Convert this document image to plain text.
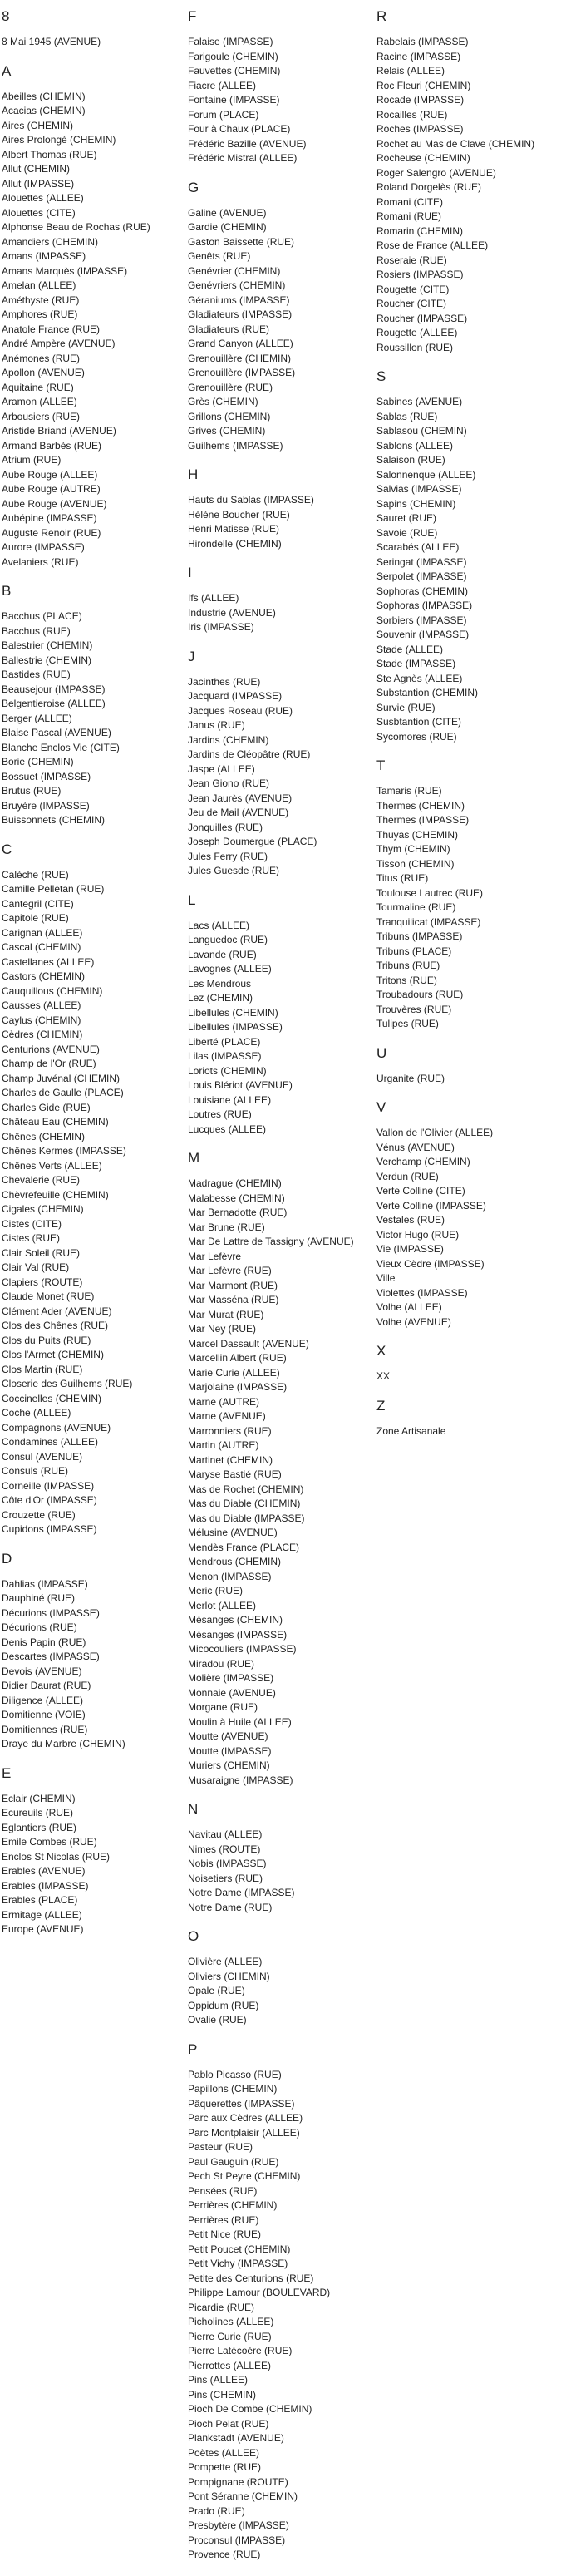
8
8 Mai 1945 (AVENUE)
A
Abeilles (CHEMIN)
Acacias (CHEMIN)
Aires (CHEMIN)
Aires Prolongé (CHEMIN)
Albert Thomas (RUE)
Allut (CHEMIN)
Allut (IMPASSE)
Alouettes (ALLEE)
Alouettes (CITE)
Alphonse Beau de Rochas (RUE)
Amandiers (CHEMIN)
Amans (IMPASSE)
Amans Marquès (IMPASSE)
Amelan (ALLEE)
Améthyste (RUE)
Amphores (RUE)
Anatole France (RUE)
André Ampère (AVENUE)
Anémones (RUE)
Apollon (AVENUE)
Aquitaine (RUE)
Aramon (ALLEE)
Arbousiers (RUE)
Aristide Briand (AVENUE)
Armand Barbès (RUE)
Atrium (RUE)
Aube Rouge (ALLEE)
Aube Rouge (AUTRE)
Aube Rouge (AVENUE)
Aubépine (IMPASSE)
Auguste Renoir (RUE)
Aurore (IMPASSE)
Avelaniers (RUE)
B
Bacchus (PLACE)
Bacchus (RUE)
Balestrier (CHEMIN)
Ballestrie (CHEMIN)
Bastides (RUE)
Beausejour (IMPASSE)
Belgentieroise (ALLEE)
Berger (ALLEE)
Blaise Pascal (AVENUE)
Blanche Enclos Vie (CITE)
Borie (CHEMIN)
Bossuet (IMPASSE)
Brutus (RUE)
Bruyère (IMPASSE)
Buissonnets (CHEMIN)
C
Caléche (RUE)
Camille Pelletan (RUE)
Cantegril (CITE)
Capitole (RUE)
Carignan (ALLEE)
Cascal (CHEMIN)
Castellanes (ALLEE)
Castors (CHEMIN)
Cauquillous (CHEMIN)
Causses (ALLEE)
Caylus (CHEMIN)
Cèdres (CHEMIN)
Centurions (AVENUE)
Champ de l'Or (RUE)
Champ Juvénal (CHEMIN)
Charles de Gaulle (PLACE)
Charles Gide (RUE)
Château Eau (CHEMIN)
Chênes (CHEMIN)
Chênes Kermes (IMPASSE)
Chênes Verts (ALLEE)
Chevalerie (RUE)
Chèvrefeuille (CHEMIN)
Cigales (CHEMIN)
Cistes (CITE)
Cistes (RUE)
Clair Soleil (RUE)
Clair Val (RUE)
Clapiers (ROUTE)
Claude Monet (RUE)
Clément Ader (AVENUE)
Clos des Chênes (RUE)
Clos du Puits (RUE)
Clos l'Armet (CHEMIN)
Clos Martin (RUE)
Closerie des Guilhems (RUE)
Coccinelles (CHEMIN)
Coche (ALLEE)
Compagnons (AVENUE)
Condamines (ALLEE)
Consul (AVENUE)
Consuls (RUE)
Corneille (IMPASSE)
Côte d'Or (IMPASSE)
Crouzette (RUE)
Cupidons (IMPASSE)
D
Dahlias (IMPASSE)
Dauphiné (RUE)
Décurions (IMPASSE)
Décurions (RUE)
Denis Papin (RUE)
Descartes (IMPASSE)
Devois (AVENUE)
Didier Daurat (RUE)
Diligence (ALLEE)
Domitienne (VOIE)
Domitiennes (RUE)
Draye du Marbre (CHEMIN)
E
Eclair (CHEMIN)
Ecureuils (RUE)
Eglantiers (RUE)
Emile Combes (RUE)
Enclos St Nicolas (RUE)
Erables (AVENUE)
Erables (IMPASSE)
Erables (PLACE)
Ermitage (ALLEE)
Europe (AVENUE)
F
Falaise (IMPASSE)
Farigoule (CHEMIN)
Fauvettes (CHEMIN)
Fiacre (ALLEE)
Fontaine (IMPASSE)
Forum (PLACE)
Four à Chaux (PLACE)
Frédéric Bazille (AVENUE)
Frédéric Mistral (ALLEE)
G
Galine (AVENUE)
Gardie (CHEMIN)
Gaston Baissette (RUE)
Genêts (RUE)
Genévrier (CHEMIN)
Genévriers (CHEMIN)
Géraniums (IMPASSE)
Gladiateurs (IMPASSE)
Gladiateurs (RUE)
Grand Canyon (ALLEE)
Grenouillère (CHEMIN)
Grenouillère (IMPASSE)
Grenouillère (RUE)
Grès (CHEMIN)
Grillons (CHEMIN)
Grives (CHEMIN)
Guilhems (IMPASSE)
H
Hauts du Sablas (IMPASSE)
Hélène Boucher (RUE)
Henri Matisse (RUE)
Hirondelle (CHEMIN)
I
Ifs (ALLEE)
Industrie (AVENUE)
Iris (IMPASSE)
J
Jacinthes (RUE)
Jacquard (IMPASSE)
Jacques Roseau (RUE)
Janus (RUE)
Jardins (CHEMIN)
Jardins de Cléopâtre (RUE)
Jaspe (ALLEE)
Jean Giono (RUE)
Jean Jaurès (AVENUE)
Jeu de Mail (AVENUE)
Jonquilles (RUE)
Joseph Doumergue (PLACE)
Jules Ferry (RUE)
Jules Guesde (RUE)
L
Lacs (ALLEE)
Languedoc (RUE)
Lavande (RUE)
Lavognes (ALLEE)
Les Mendrous
Lez (CHEMIN)
Libellules (CHEMIN)
Libellules (IMPASSE)
Liberté (PLACE)
Lilas (IMPASSE)
Loriots (CHEMIN)
Louis Blériot (AVENUE)
Louisiane (ALLEE)
Loutres (RUE)
Lucques (ALLEE)
M
Madrague (CHEMIN)
Malabesse (CHEMIN)
Mar Bernadotte (RUE)
Mar Brune (RUE)
Mar De Lattre de Tassigny (AVENUE)
Mar Lefèvre
Mar Lefèvre (RUE)
Mar Marmont (RUE)
Mar Masséna (RUE)
Mar Murat (RUE)
Mar Ney (RUE)
Marcel Dassault (AVENUE)
Marcellin Albert (RUE)
Marie Curie (ALLEE)
Marjolaine (IMPASSE)
Marne (AUTRE)
Marne (AVENUE)
Marronniers (RUE)
Martin (AUTRE)
Martinet (CHEMIN)
Maryse Bastié (RUE)
Mas de Rochet (CHEMIN)
Mas du Diable (CHEMIN)
Mas du Diable (IMPASSE)
Mélusine (AVENUE)
Mendès France (PLACE)
Mendrous (CHEMIN)
Menon (IMPASSE)
Meric (RUE)
Merlot (ALLEE)
Mésanges (CHEMIN)
Mésanges (IMPASSE)
Micocouliers (IMPASSE)
Miradou (RUE)
Molière (IMPASSE)
Monnaie (AVENUE)
Morgane (RUE)
Moulin à Huile (ALLEE)
Moutte (AVENUE)
Moutte (IMPASSE)
Muriers (CHEMIN)
Musaraigne (IMPASSE)
N
Navitau (ALLEE)
Nimes (ROUTE)
Nobis (IMPASSE)
Noisetiers (RUE)
Notre Dame (IMPASSE)
Notre Dame (RUE)
O
Olivière (ALLEE)
Oliviers (CHEMIN)
Opale (RUE)
Oppidum (RUE)
Ovalie (RUE)
P
Pablo Picasso (RUE)
Papillons (CHEMIN)
Pâquerettes (IMPASSE)
Parc aux Cèdres (ALLEE)
Parc Montplaisir (ALLEE)
Pasteur (RUE)
Paul Gauguin (RUE)
Pech St Peyre (CHEMIN)
Pensées (RUE)
Perrières (CHEMIN)
Perrières (RUE)
Petit Nice (RUE)
Petit Poucet (CHEMIN)
Petit Vichy (IMPASSE)
Petite des Centurions (RUE)
Philippe Lamour (BOULEVARD)
Picardie (RUE)
Picholines (ALLEE)
Pierre Curie (RUE)
Pierre Latécoère (RUE)
Pierrottes (ALLEE)
Pins (ALLEE)
Pins (CHEMIN)
Pioch De Combe (CHEMIN)
Pioch Pelat (RUE)
Plankstadt (AVENUE)
Poètes (ALLEE)
Pompette (RUE)
Pompignane (ROUTE)
Pont Séranne (CHEMIN)
Prado (RUE)
Presbytère (IMPASSE)
Proconsul (IMPASSE)
Provence (RUE)
R
Rabelais (IMPASSE)
Racine (IMPASSE)
Relais (ALLEE)
Roc Fleuri (CHEMIN)
Rocade (IMPASSE)
Rocailles (RUE)
Roches (IMPASSE)
Rochet au Mas de Clave (CHEMIN)
Rocheuse (CHEMIN)
Roger Salengro (AVENUE)
Roland Dorgelès (RUE)
Romani (CITE)
Romani (RUE)
Romarin (CHEMIN)
Rose de France (ALLEE)
Roseraie (RUE)
Rosiers (IMPASSE)
Rougette (CITE)
Roucher (CITE)
Roucher (IMPASSE)
Rougette (ALLEE)
Roussillon (RUE)
S
Sabines (AVENUE)
Sablas (RUE)
Sablasou (CHEMIN)
Sablons (ALLEE)
Salaison (RUE)
Salonnenque (ALLEE)
Salvias (IMPASSE)
Sapins (CHEMIN)
Sauret (RUE)
Savoie (RUE)
Scarabés (ALLEE)
Seringat (IMPASSE)
Serpolet (IMPASSE)
Sophoras (CHEMIN)
Sophoras (IMPASSE)
Sorbiers (IMPASSE)
Souvenir (IMPASSE)
Stade (ALLEE)
Stade (IMPASSE)
Ste Agnès (ALLEE)
Substantion (CHEMIN)
Survie (RUE)
Susbtantion (CITE)
Sycomores (RUE)
T
Tamaris (RUE)
Thermes (CHEMIN)
Thermes (IMPASSE)
Thuyas (CHEMIN)
Thym (CHEMIN)
Tisson (CHEMIN)
Titus (RUE)
Toulouse Lautrec (RUE)
Tourmaline (RUE)
Tranquilicat (IMPASSE)
Tribuns (IMPASSE)
Tribuns (PLACE)
Tribuns (RUE)
Tritons (RUE)
Troubadours (RUE)
Trouvères (RUE)
Tulipes (RUE)
U
Urganite (RUE)
V
Vallon de l'Olivier (ALLEE)
Vénus (AVENUE)
Verchamp (CHEMIN)
Verdun (RUE)
Verte Colline (CITE)
Verte Colline (IMPASSE)
Vestales (RUE)
Victor Hugo (RUE)
Vie (IMPASSE)
Vieux Cèdre (IMPASSE)
Ville
Violettes (IMPASSE)
Volhe (ALLEE)
Volhe (AVENUE)
X
XX
Z
Zone Artisanale
